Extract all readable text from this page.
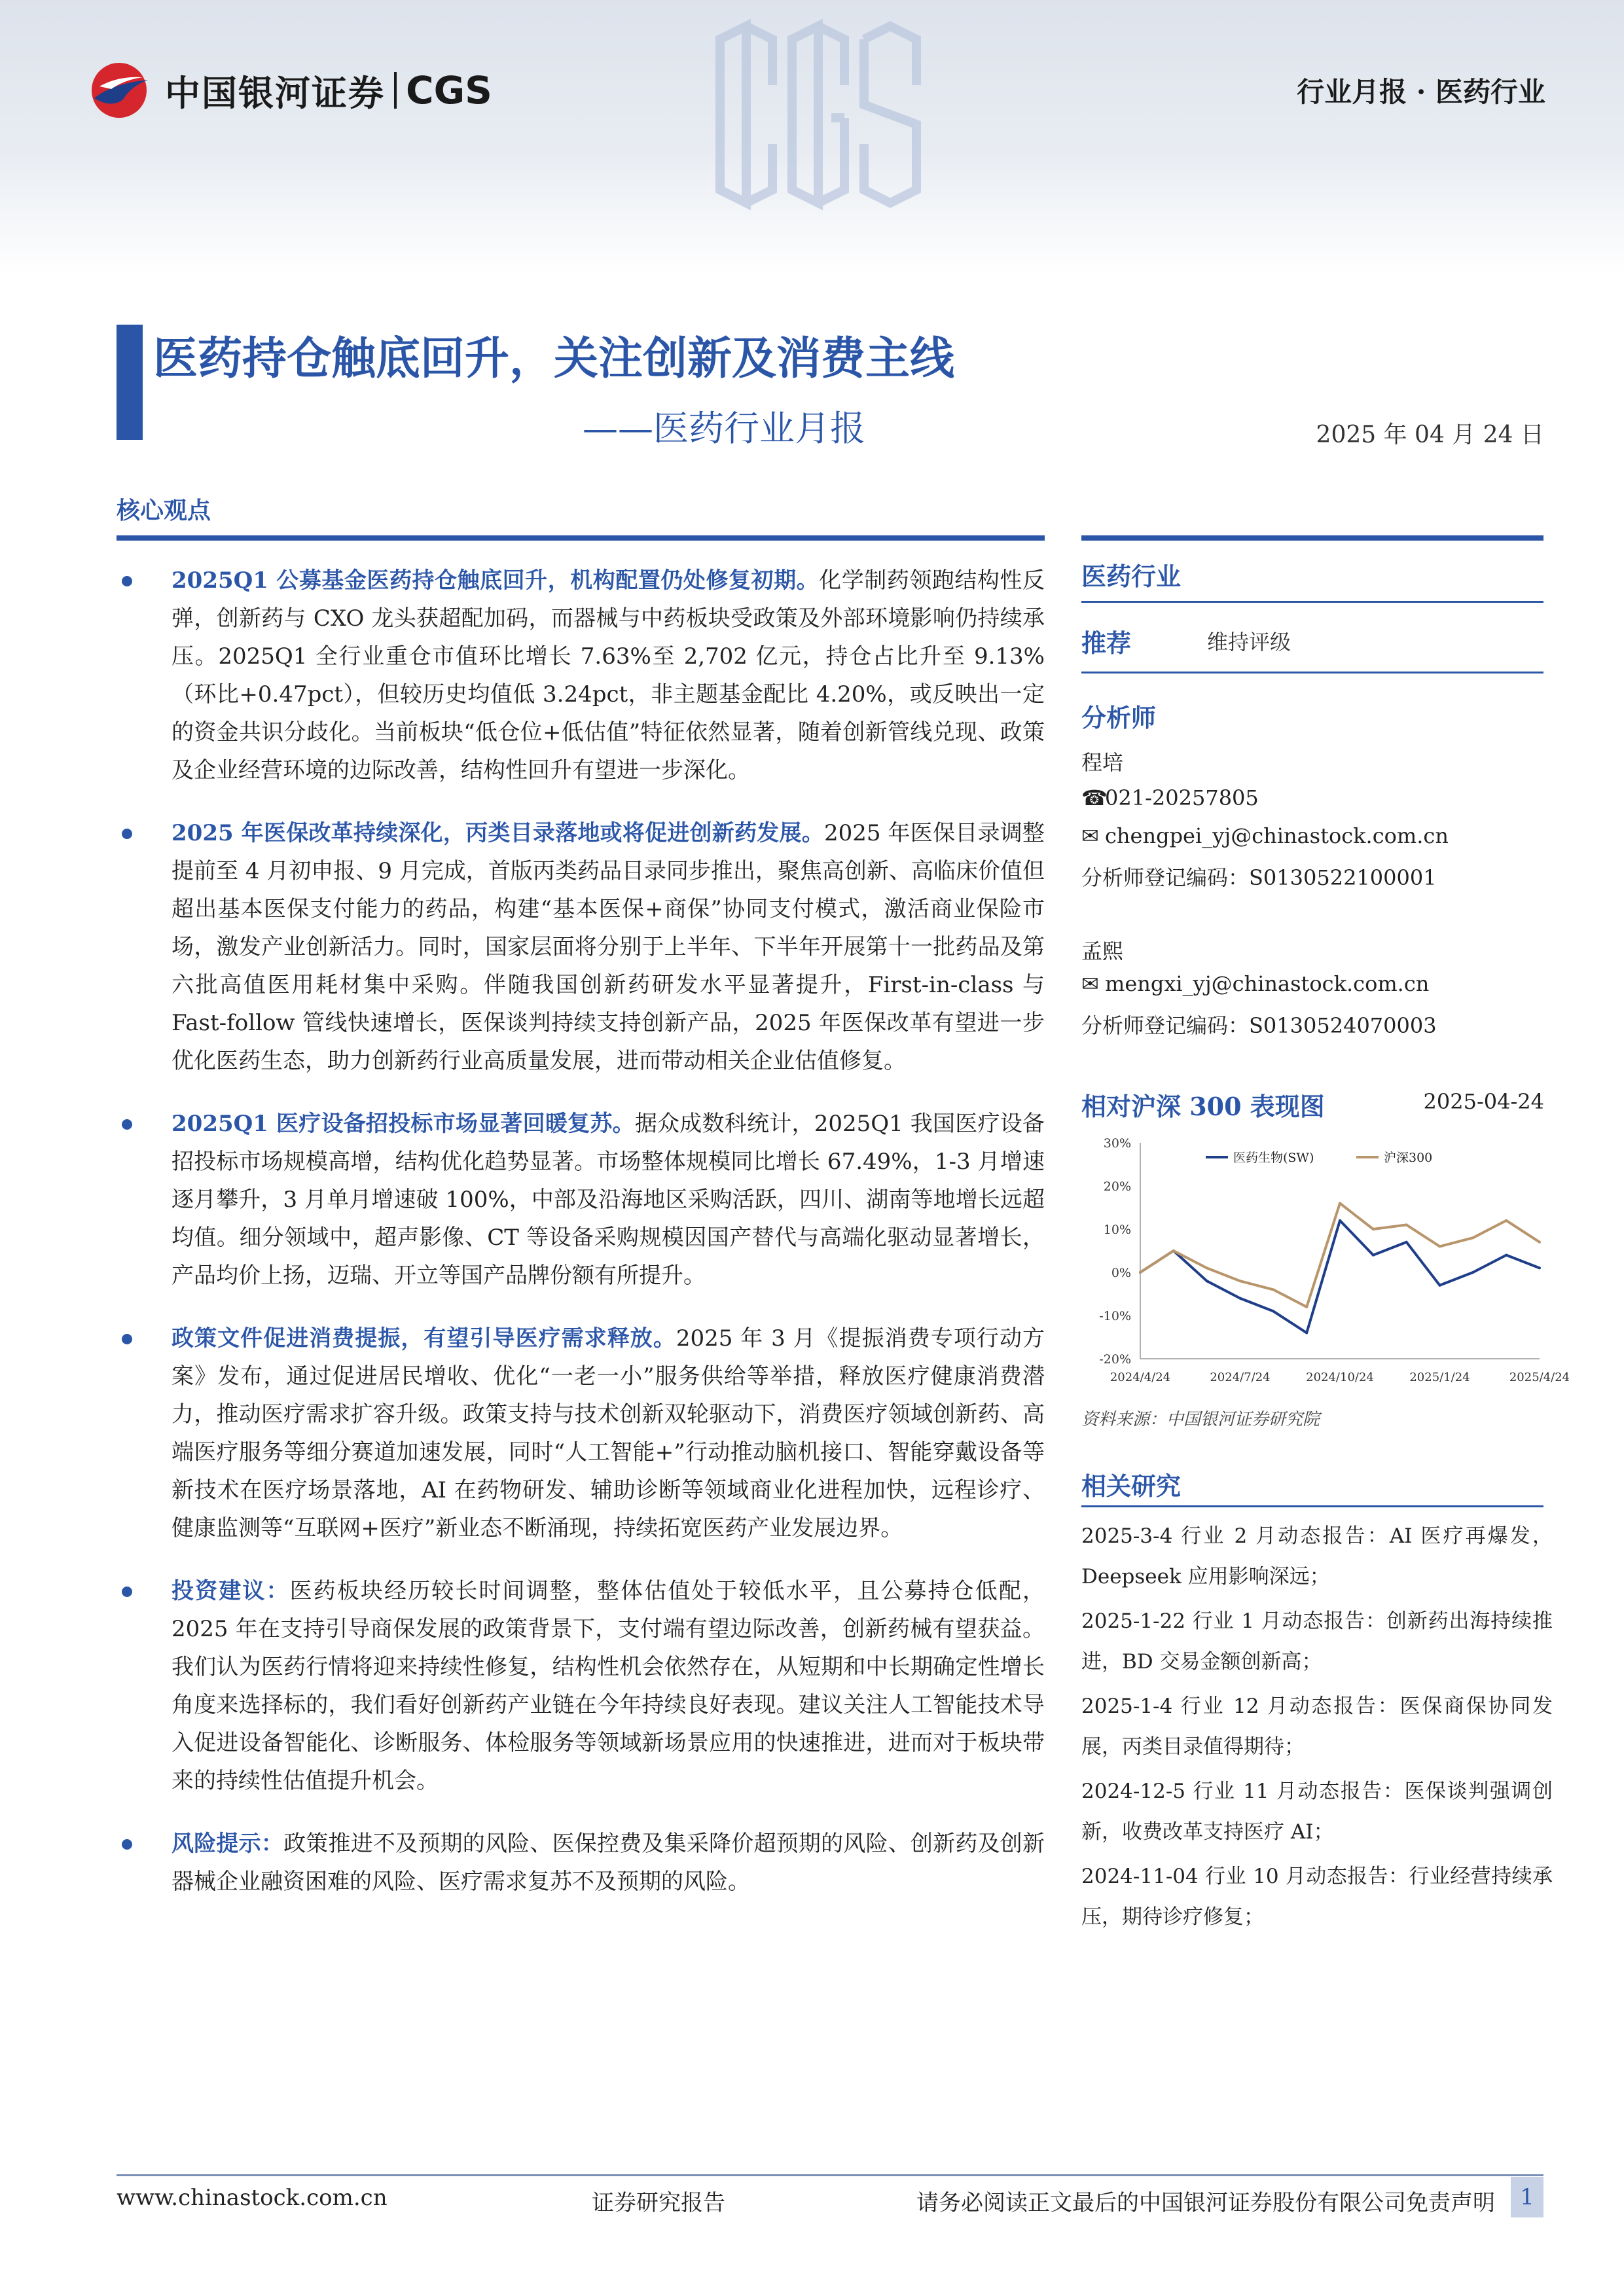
中国银河证券 CGS	行业月报 · 医药行业
医药持仓触底回升，关注创新及消费主线
——医药行业月报	2025 年 04 月 24 日
核心观点
2025Q1 公募基金医药持仓触底回升，机构配置仍处修复初期。化学制药领跑结构性反弹，创新药与 CXO 龙头获超配加码，而器械与中药板块受政策及外部环境影响仍持续承压。2025Q1 全行业重仓市值环比增长 7.63%至 2,702 亿元，持仓占比升至 9.13%（环比+0.47pct），但较历史均值低 3.24pct，非主题基金配比 4.20%，或反映出一定的资金共识分歧化。当前板块“低仓位+低估值”特征依然显著，随着创新管线兑现、政策及企业经营环境的边际改善，结构性回升有望进一步深化。
2025 年医保改革持续深化，丙类目录落地或将促进创新药发展。2025 年医保目录调整提前至 4 月初申报、9 月完成，首版丙类药品目录同步推出，聚焦高创新、高临床价值但超出基本医保支付能力的药品，构建“基本医保+商保”协同支付模式，激活商业保险市场，激发产业创新活力。同时，国家层面将分别于上半年、下半年开展第十一批药品及第六批高值医用耗材集中采购。伴随我国创新药研发水平显著提升，First-in-class 与 Fast-follow 管线快速增长，医保谈判持续支持创新产品，2025 年医保改革有望进一步优化医药生态，助力创新药行业高质量发展，进而带动相关企业估值修复。
2025Q1 医疗设备招投标市场显著回暖复苏。据众成数科统计，2025Q1 我国医疗设备招投标市场规模高增，结构优化趋势显著。市场整体规模同比增长 67.49%，1-3 月增速逐月攀升，3 月单月增速破 100%，中部及沿海地区采购活跃，四川、湖南等地增长远超均值。细分领域中，超声影像、CT 等设备采购规模因国产替代与高端化驱动显著增长，产品均价上扬，迈瑞、开立等国产品牌份额有所提升。
政策文件促进消费提振，有望引导医疗需求释放。2025 年 3 月《提振消费专项行动方案》发布，通过促进居民增收、优化“一老一小”服务供给等举措，释放医疗健康消费潜力，推动医疗需求扩容升级。政策支持与技术创新双轮驱动下，消费医疗领域创新药、高端医疗服务等细分赛道加速发展，同时“人工智能+”行动推动脑机接口、智能穿戴设备等新技术在医疗场景落地，AI 在药物研发、辅助诊断等领域商业化进程加快，远程诊疗、健康监测等“互联网+医疗”新业态不断涌现，持续拓宽医药产业发展边界。
投资建议：医药板块经历较长时间调整，整体估值处于较低水平，且公募持仓低配，2025 年在支持引导商保发展的政策背景下，支付端有望边际改善，创新药械有望获益。我们认为医药行情将迎来持续性修复，结构性机会依然存在，从短期和中长期确定性增长角度来选择标的，我们看好创新药产业链在今年持续良好表现。建议关注人工智能技术导入促进设备智能化、诊断服务、体检服务等领域新场景应用的快速推进，进而对于板块带来的持续性估值提升机会。
风险提示：政策推进不及预期的风险、医保控费及集采降价超预期的风险、创新药及创新器械企业融资困难的风险、医疗需求复苏不及预期的风险。
医药行业
推荐	维持评级
分析师
程培
☎021-20257805
✉ chengpei_yj@chinastock.com.cn
分析师登记编码：S0130522100001
孟熙
✉ mengxi_yj@chinastock.com.cn
分析师登记编码：S0130524070003
相对沪深 300 表现图	2025-04-24
30%
20%
10%
0%
-10%
-20%
2024/4/24	2024/7/24	2024/10/24	2025/1/24	2025/4/24
医药生物(SW)	沪深300
资料来源：中国银河证券研究院
相关研究
2025-3-4 行业 2 月动态报告：AI 医疗再爆发，Deepseek 应用影响深远；
2025-1-22 行业 1 月动态报告：创新药出海持续推进，BD 交易金额创新高；
2025-1-4 行业 12 月动态报告：医保商保协同发展，丙类目录值得期待；
2024-12-5 行业 11 月动态报告：医保谈判强调创新，收费改革支持医疗 AI；
2024-11-04 行业 10 月动态报告：行业经营持续承压，期待诊疗修复；
www.chinastock.com.cn	证券研究报告	请务必阅读正文最后的中国银河证券股份有限公司免责声明	1
